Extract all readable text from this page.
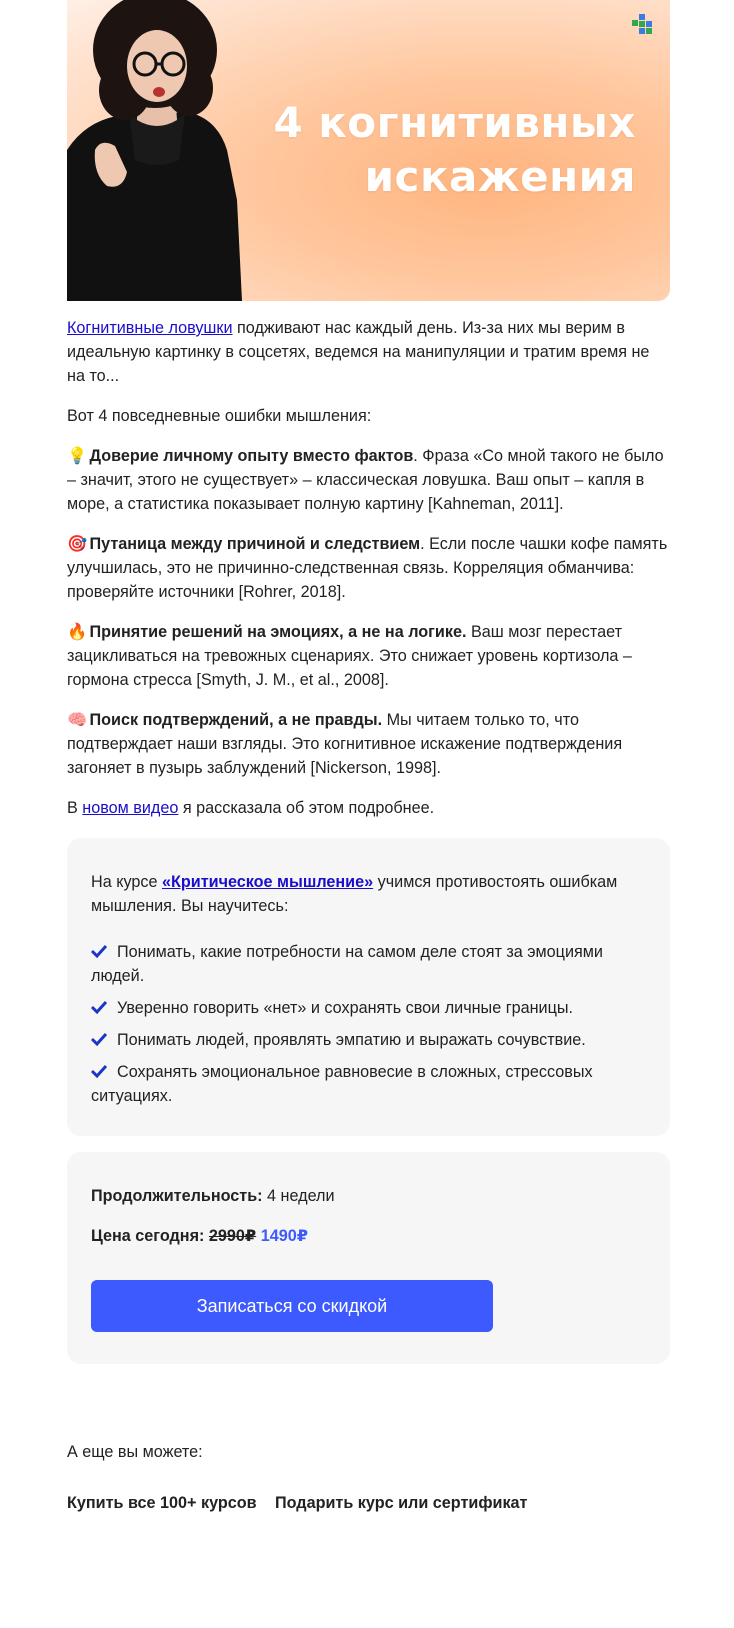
4 когнитивных
искажения

Когнитивные ловушки подживают нас каждый день. Из-за них мы верим в идеальную картинку в соцсетях, ведемся на манипуляции и тратим время не на то...

Вот 4 повседневные ошибки мышления:

💡 Доверие личному опыту вместо фактов. Фраза «Со мной такого не было – значит, этого не существует» – классическая ловушка. Ваш опыт – капля в море, а статистика показывает полную картину [Kahneman, 2011].

🎯 Путаница между причиной и следствием. Если после чашки кофе память улучшилась, это не причинно-следственная связь. Корреляция обманчива: проверяйте источники [Rohrer, 2018].

🔥 Принятие решений на эмоциях, а не на логике. Ваш мозг перестает зацикливаться на тревожных сценариях. Это снижает уровень кортизола – гормона стресса [Smyth, J. M., et al., 2008].

🧠 Поиск подтверждений, а не правды. Мы читаем только то, что подтверждает наши взгляды. Это когнитивное искажение подтверждения загоняет в пузырь заблуждений [Nickerson, 1998].

В новом видео я рассказала об этом подробнее.

На курсе «Критическое мышление» учимся противостоять ошибкам мышления. Вы научитесь:

Понимать, какие потребности на самом деле стоят за эмоциями людей.
Уверенно говорить «нет» и сохранять свои личные границы.
Понимать людей, проявлять эмпатию и выражать сочувствие.
Сохранять эмоциональное равновесие в сложных, стрессовых ситуациях.
Продолжительность: 4 недели
Цена сегодня: 2990₽ 1490₽
Записаться со скидкой

А еще вы можете:

Купить все 100+ курсов Подарить курс или сертификат
